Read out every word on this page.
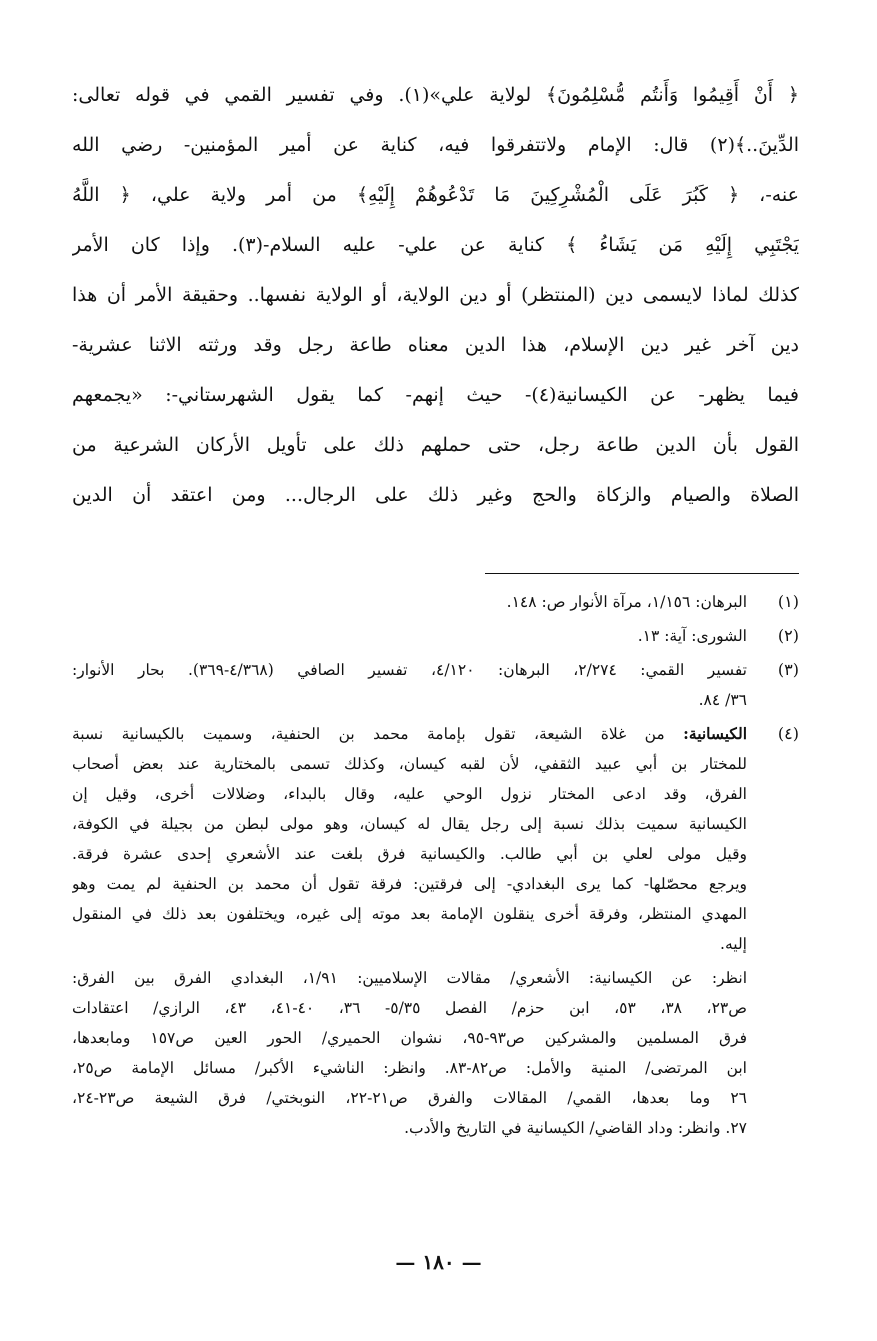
﴿ أَنْ أَقِيمُوا وَأَنتُم مُّسْلِمُونَ﴾ لولاية علي»(١). وفي تفسير القمي في قوله تعالى:
الدِّينَ..﴾(٢) قال: الإمام ولاتتفرقوا فيه، كناية عن أمير المؤمنين- رضي الله
عنه-، ﴿ كَبُرَ عَلَى الْمُشْرِكِينَ مَا تَدْعُوهُمْ إِلَيْهِ﴾ من أمر ولاية علي، ﴿ اللَّهُ
يَجْتَبِي إِلَيْهِ مَن يَشَاءُ ﴾ كناية عن علي- عليه السلام-(٣). وإذا كان الأمر
كذلك لماذا لايسمى دين (المنتظر) أو دين الولاية، أو الولاية نفسها.. وحقيقة الأمر أن هذا
دين آخر غير دين الإسلام، هذا الدين معناه طاعة رجل وقد ورثته الاثنا عشرية-
فيما يظهر- عن الكيسانية(٤)- حيث إنهم- كما يقول الشهرستاني-: «يجمعهم
القول بأن الدين طاعة رجل، حتى حملهم ذلك على تأويل الأركان الشرعية من
الصلاة والصيام والزكاة والحج وغير ذلك على الرجال... ومن اعتقد أن الدين
(١)
البرهان: ١/١٥٦، مرآة الأنوار ص: ١٤٨.
(٢)
الشورى: آية: ١٣.
(٣)
تفسير القمي: ٢/٢٧٤، البرهان: ٤/١٢٠، تفسير الصافي (٤/٣٦٨-٣٦٩). بحار الأنوار:
٣٦/ ٨٤.
(٤)
الكيسانية: من غلاة الشيعة، تقول بإمامة محمد بن الحنفية، وسميت بالكيسانية نسبة
للمختار بن أبي عبيد الثقفي، لأن لقبه كيسان، وكذلك تسمى بالمختارية عند بعض أصحاب
الفرق، وقد ادعى المختار نزول الوحي عليه، وقال بالبداء، وضلالات أخرى، وقيل إن
الكيسانية سميت بذلك نسبة إلى رجل يقال له كيسان، وهو مولى لبطن من بجيلة في الكوفة،
وقيل مولى لعلي بن أبي طالب. والكيسانية فرق بلغت عند الأشعري إحدى عشرة فرقة.
ويرجع محصّلها- كما يرى البغدادي- إلى فرقتين: فرقة تقول أن محمد بن الحنفية لم يمت وهو
المهدي المنتظر، وفرقة أخرى ينقلون الإمامة بعد موته إلى غيره، ويختلفون بعد ذلك في المنقول
إليه.
انظر: عن الكيسانية: الأشعري/ مقالات الإسلاميين: ١/٩١، البغدادي الفرق بين الفرق:
ص٢٣، ٣٨، ٥٣، ابن حزم/ الفصل ٥/٣٥- ٣٦، ٤٠-٤١، ٤٣، الرازي/ اعتقادات
فرق المسلمين والمشركين ص٩٣-٩٥، نشوان الحميري/ الحور العين ص١٥٧ ومابعدها،
ابن المرتضى/ المنية والأمل: ص٨٢-٨٣. وانظر: الناشيء الأكبر/ مسائل الإمامة ص٢٥،
٢٦ وما بعدها، القمي/ المقالات والفرق ص٢١-٢٢، النوبختي/ فرق الشيعة ص٢٣-٢٤،
٢٧. وانظر: وداد القاضي/ الكيسانية في التاريخ والأدب.
— ١٨٠ —
